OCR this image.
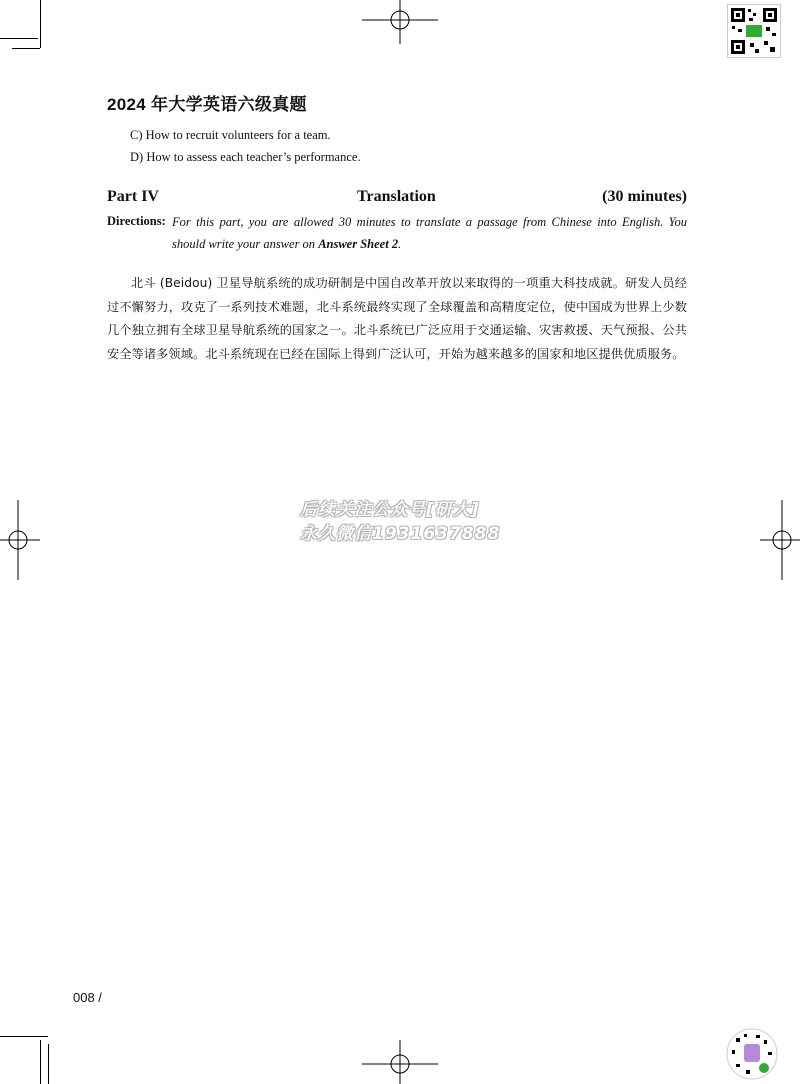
2024 年大学英语六级真题
C) How to recruit volunteers for a team.
D) How to assess each teacher’s performance.
Part IV	Translation	(30 minutes)
Directions: For this part, you are allowed 30 minutes to translate a passage from Chinese into English. You should write your answer on Answer Sheet 2.
北斗 (Beidou) 卫星导航系统的成功研制是中国自改革开放以来取得的一项重大科技成就。研发人员经过不懈努力，攻克了一系列技术难题，北斗系统最终实现了全球覆盖和高精度定位，使中国成为世界上少数几个独立拥有全球卫星导航系统的国家之一。北斗系统已广泛应用于交通运输、灾害救援、天气预报、公共安全等诸多领域。北斗系统现在已经在国际上得到广泛认可，开始为越来越多的国家和地区提供优质服务。
后续关注公众号[研大]
永久微信1931637888
008 /
